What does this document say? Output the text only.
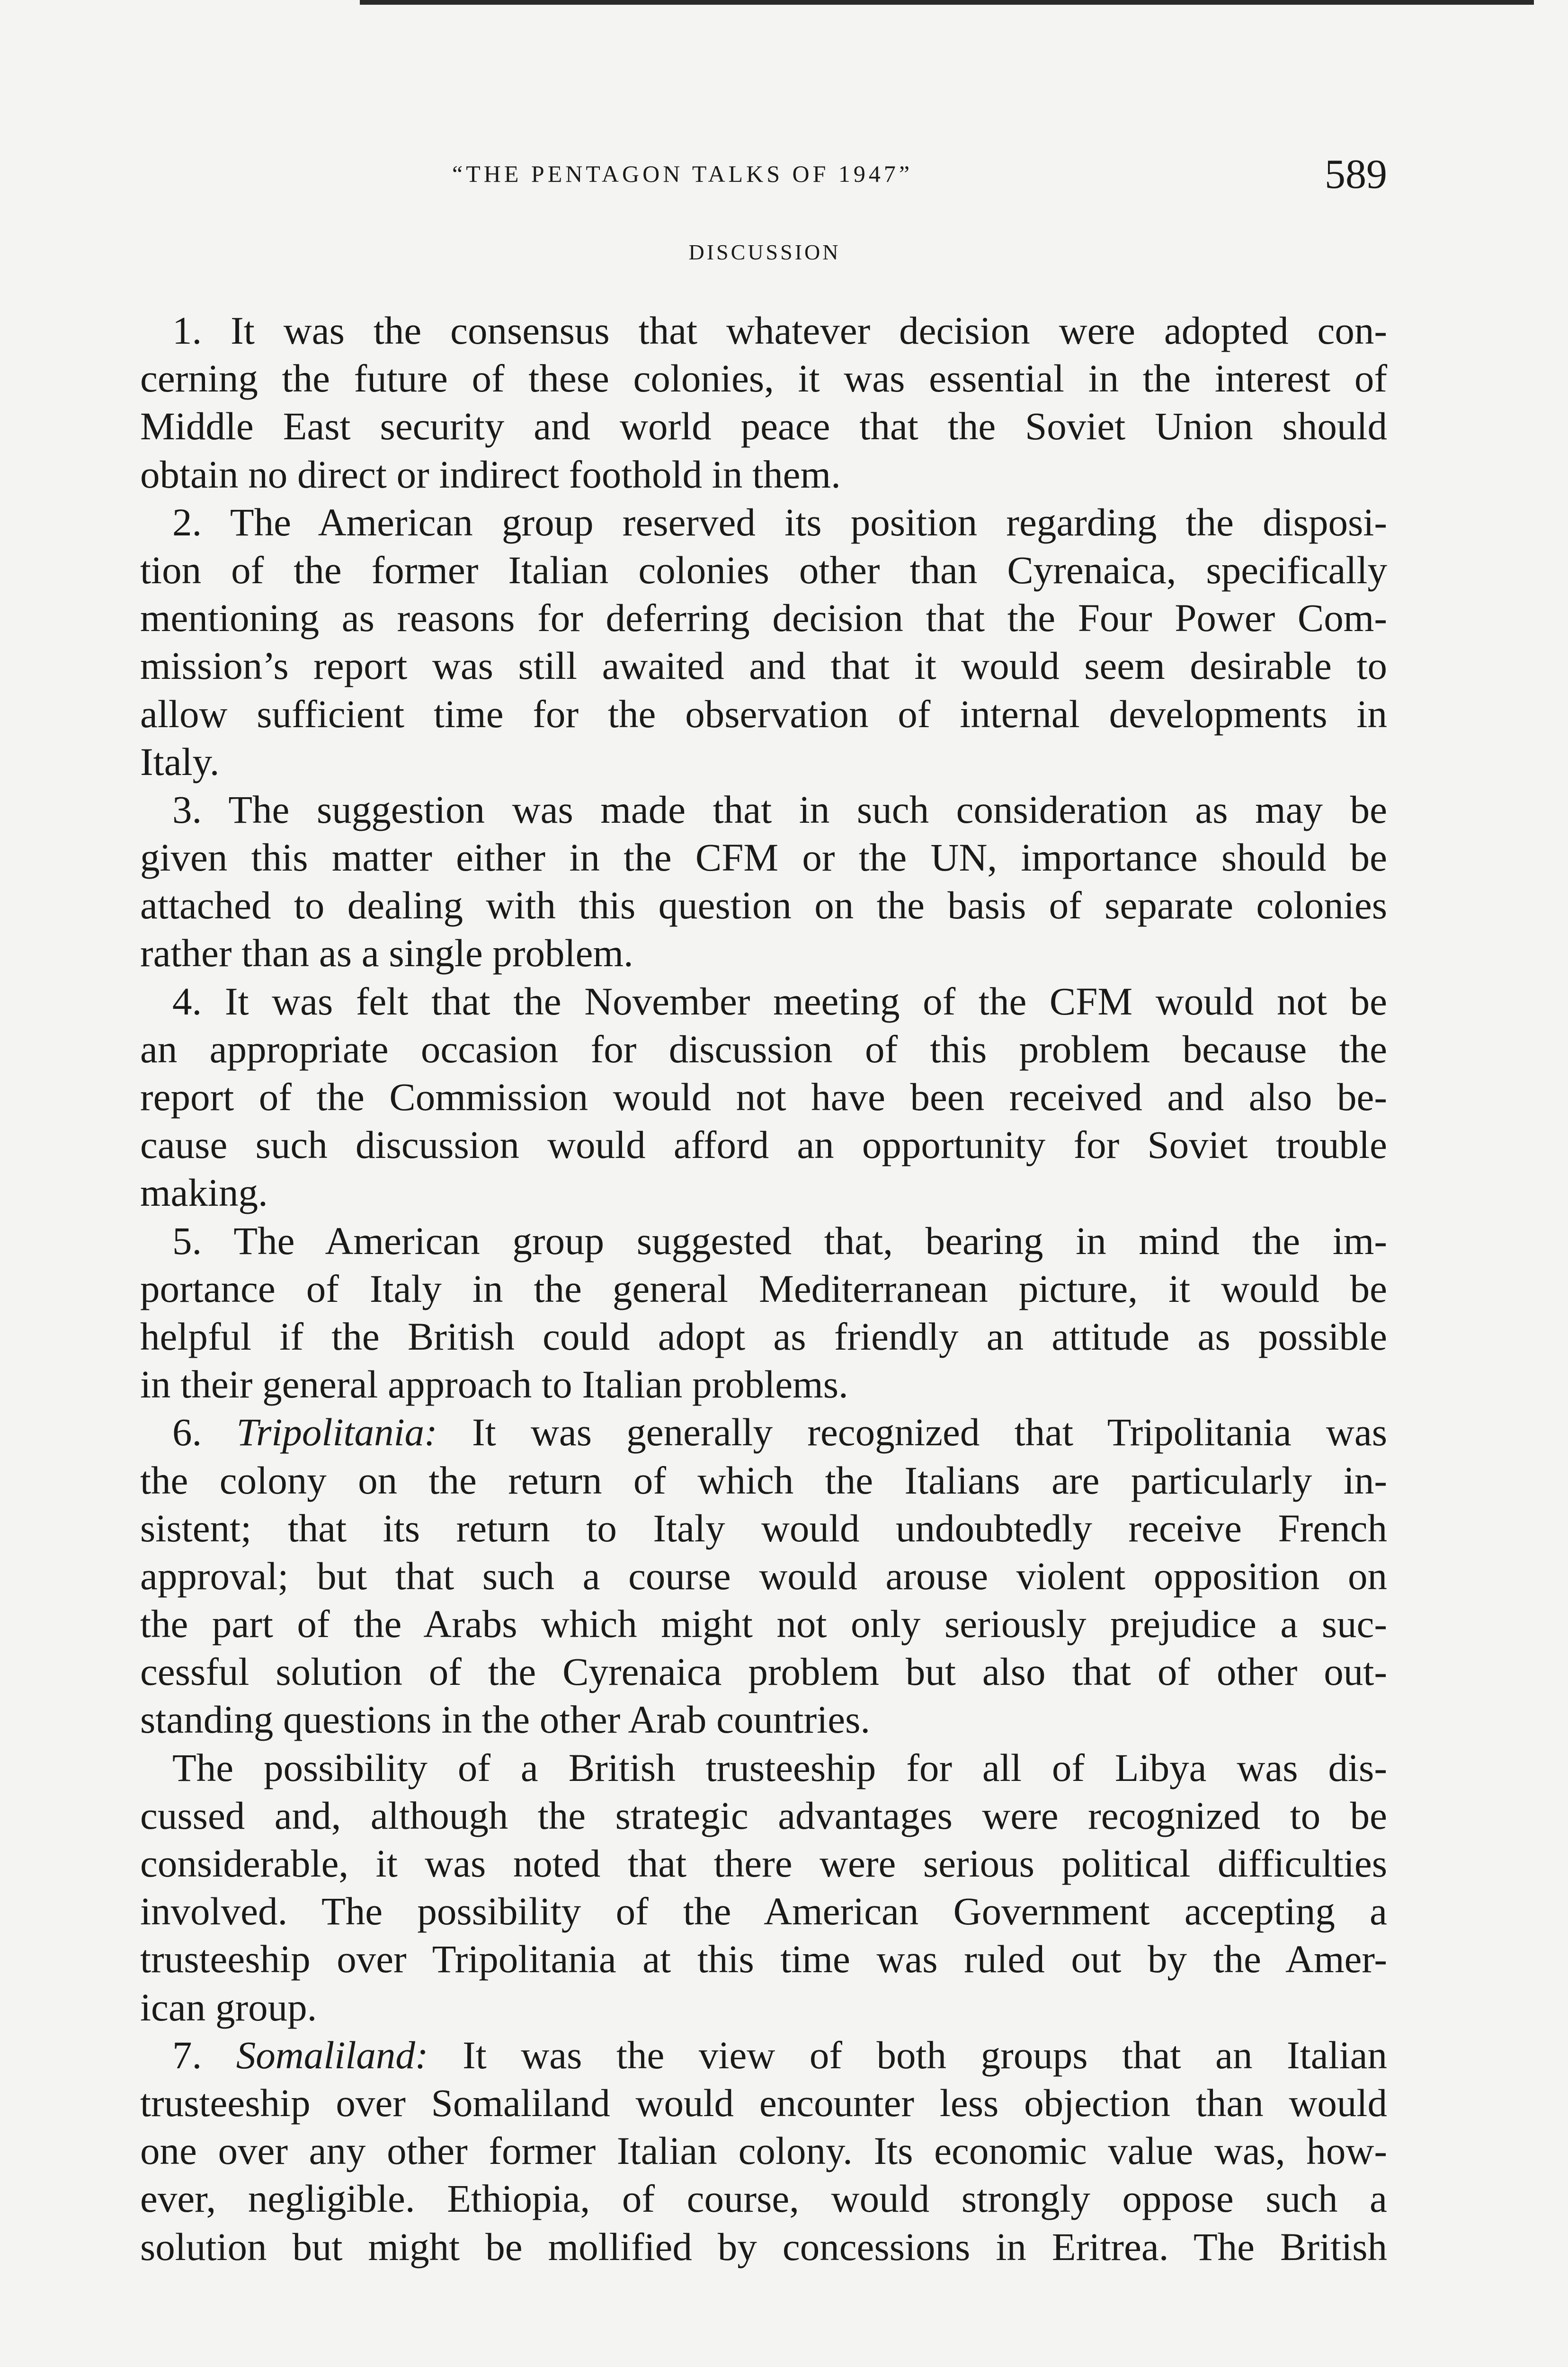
“THE PENTAGON TALKS OF 1947”	589
DISCUSSION
1. It was the consensus that whatever decision were adopted con-
cerning the future of these colonies, it was essential in the interest of
Middle East security and world peace that the Soviet Union should
obtain no direct or indirect foothold in them.
2. The American group reserved its position regarding the disposi-
tion of the former Italian colonies other than Cyrenaica, specifically
mentioning as reasons for deferring decision that the Four Power Com-
mission’s report was still awaited and that it would seem desirable to
allow sufficient time for the observation of internal developments in
Italy.
3. The suggestion was made that in such consideration as may be
given this matter either in the CFM or the UN, importance should be
attached to dealing with this question on the basis of separate colonies
rather than as a single problem.
4. It was felt that the November meeting of the CFM would not be
an appropriate occasion for discussion of this problem because the
report of the Commission would not have been received and also be-
cause such discussion would afford an opportunity for Soviet trouble
making.
5. The American group suggested that, bearing in mind the im-
portance of Italy in the general Mediterranean picture, it would be
helpful if the British could adopt as friendly an attitude as possible
in their general approach to Italian problems.
6. Tripolitania: It was generally recognized that Tripolitania was
the colony on the return of which the Italians are particularly in-
sistent; that its return to Italy would undoubtedly receive French
approval; but that such a course would arouse violent opposition on
the part of the Arabs which might not only seriously prejudice a suc-
cessful solution of the Cyrenaica problem but also that of other out-
standing questions in the other Arab countries.
The possibility of a British trusteeship for all of Libya was dis-
cussed and, although the strategic advantages were recognized to be
considerable, it was noted that there were serious political difficulties
involved. The possibility of the American Government accepting a
trusteeship over Tripolitania at this time was ruled out by the Amer-
ican group.
7. Somaliland: It was the view of both groups that an Italian
trusteeship over Somaliland would encounter less objection than would
one over any other former Italian colony. Its economic value was, how-
ever, negligible. Ethiopia, of course, would strongly oppose such a
solution but might be mollified by concessions in Eritrea. The British
